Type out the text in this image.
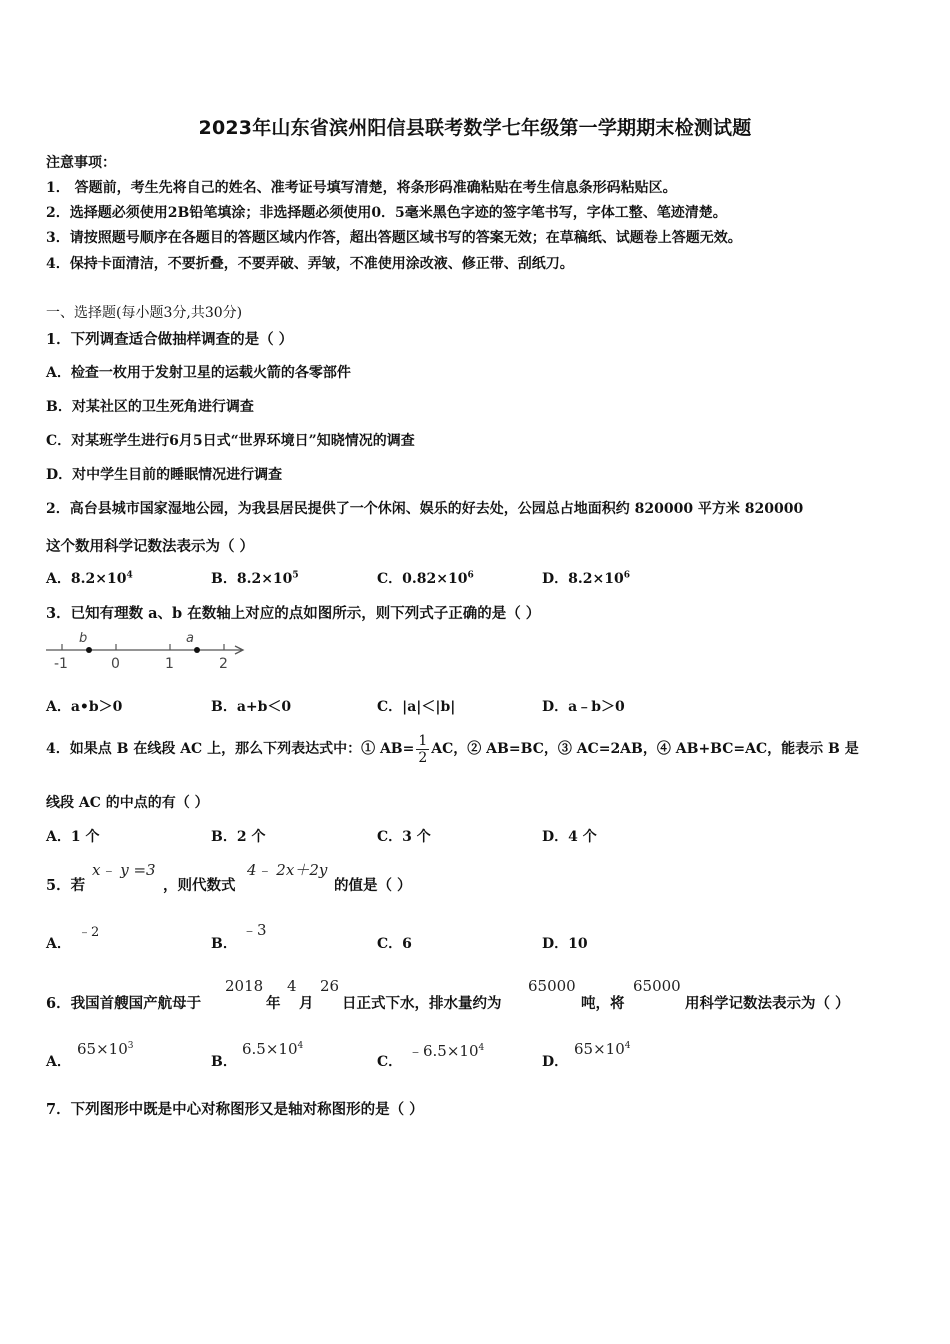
2023年山东省滨州阳信县联考数学七年级第一学期期末检测试题
注意事项：
1． 答题前，考生先将自己的姓名、准考证号填写清楚，将条形码准确粘贴在考生信息条形码粘贴区。
2．选择题必须使用2B铅笔填涂；非选择题必须使用0．5毫米黑色字迹的签字笔书写，字体工整、笔迹清楚。
3．请按照题号顺序在各题目的答题区域内作答，超出答题区域书写的答案无效；在草稿纸、试题卷上答题无效。
4．保持卡面清洁，不要折叠，不要弄破、弄皱，不准使用涂改液、修正带、刮纸刀。
一、选择题(每小题3分,共30分)
1．下列调查适合做抽样调查的是（ ）
A．检查一枚用于发射卫星的运载火箭的各零部件
B．对某社区的卫生死角进行调查
C．对某班学生进行6月5日式“世界环境日”知晓情况的调查
D．对中学生目前的睡眠情况进行调查
2．高台县城市国家湿地公园，为我县居民提供了一个休闲、娱乐的好去处，公园总占地面积约 820000 平方米 820000
这个数用科学记数法表示为（ ）
A．$8.2\times 10^4$	B．$8.2\times 10^5$	C．$0.82\times 10^6$	D．$8.2\times 10^6$
3．已知有理数 a、b 在数轴上对应的点如图所示，则下列式子正确的是（ ）
b	a
-1	0	1	2
A．a•b＞0	B．a+b＜0	C．|a|＜|b|	D．a﹣b＞0
4．如果点 B 在线段 AC 上，那么下列表达式中：① $AB= \frac{1}{2}$ AC，② AB=BC，③ AC=2AB，④ AB+BC=AC，能表示 B 是
线段 AC 的中点的有（ ）
A．1 个	B．2 个	C．3 个	D．4 个
5．若
x﹣ y =3
，则代数式
4﹣ 2x＋2y
的值是（ ）
A．
﹣2
B．
﹣3
C．6	D．10
6．我国首艘国产航母于
2018
年
4
月
26
日正式下水，排水量约为
65000
吨，将
65000
用科学记数法表示为（ ）
A．
$65\times 10^3$
B．
$6.5\times 10^4$
C．
$﹣6.5\times 10^4$
D．
$65\times 10^4$
7．下列图形中既是中心对称图形又是轴对称图形的是（ ）
